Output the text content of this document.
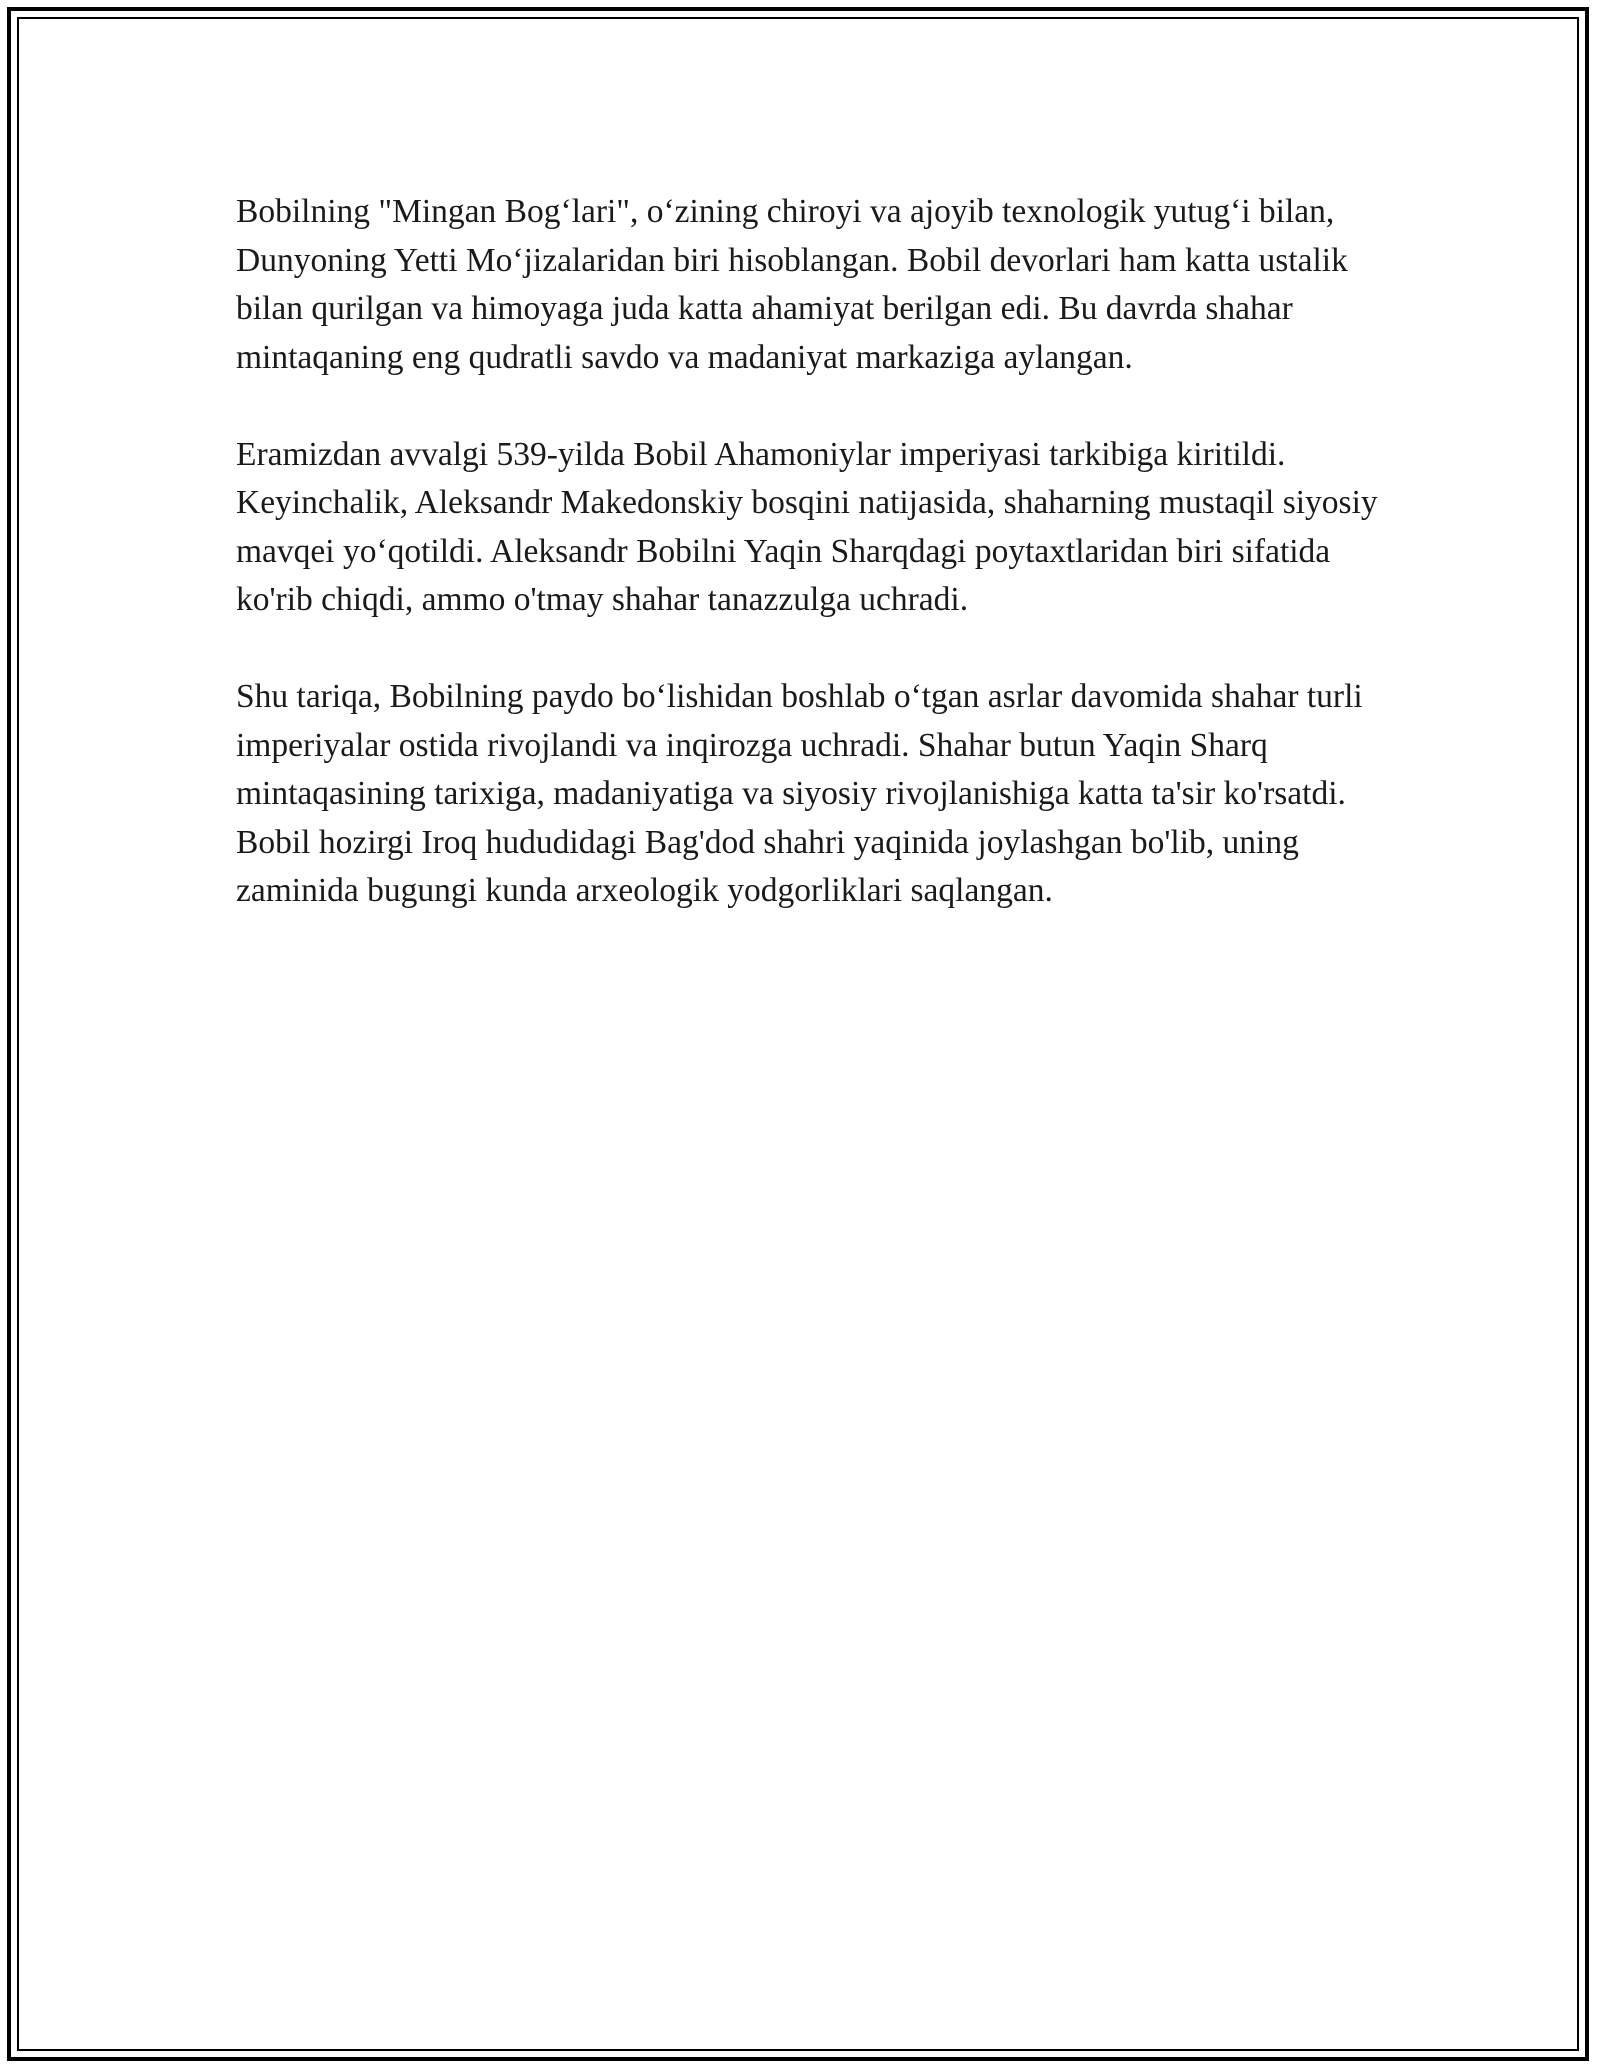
Bobilning "Mingan Bog‘lari", o‘zining chiroyi va ajoyib texnologik yutug‘i bilan, Dunyoning Yetti Mo‘jizalaridan biri hisoblangan. Bobil devorlari ham katta ustalik bilan qurilgan va himoyaga juda katta ahamiyat berilgan edi. Bu davrda shahar mintaqaning eng qudratli savdo va madaniyat markaziga aylangan.

Eramizdan avvalgi 539-yilda Bobil Ahamoniylar imperiyasi tarkibiga kiritildi. Keyinchalik, Aleksandr Makedonskiy bosqini natijasida, shaharning mustaqil siyosiy mavqei yo‘qotildi. Aleksandr Bobilni Yaqin Sharqdagi poytaxtlaridan biri sifatida ko'rib chiqdi, ammo o'tmay shahar tanazzulga uchradi.

Shu tariqa, Bobilning paydo bo‘lishidan boshlab o‘tgan asrlar davomida shahar turli imperiyalar ostida rivojlandi va inqirozga uchradi. Shahar butun Yaqin Sharq mintaqasining tarixiga, madaniyatiga va siyosiy rivojlanishiga katta ta'sir ko'rsatdi. Bobil hozirgi Iroq hududidagi Bag'dod shahri yaqinida joylashgan bo'lib, uning zaminida bugungi kunda arxeologik yodgorliklari saqlangan.
